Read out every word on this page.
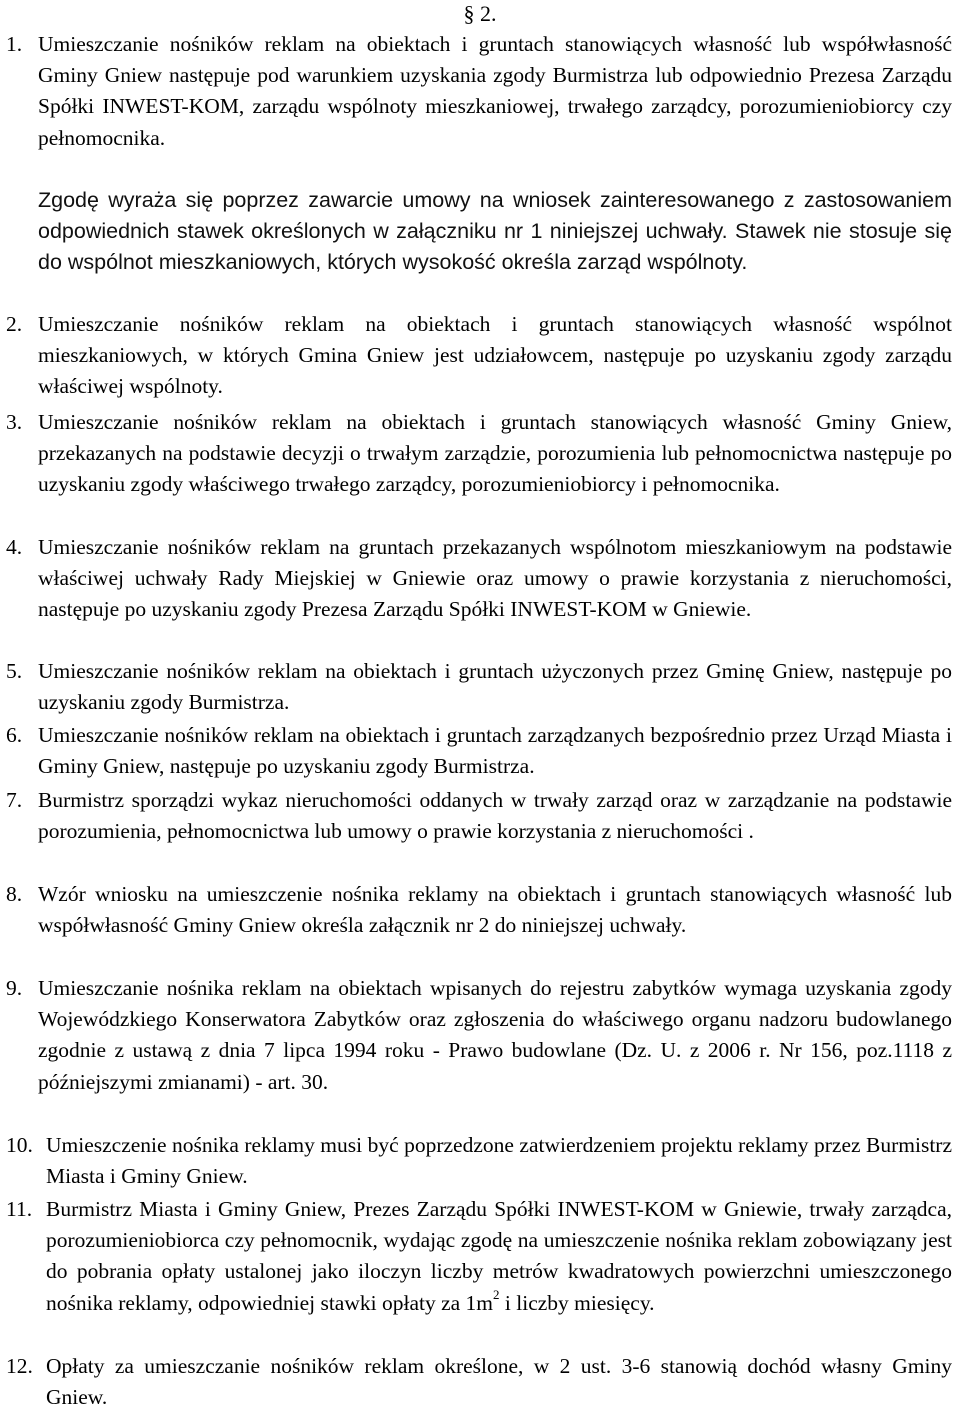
§ 2.
1. Umieszczanie nośników reklam na obiektach i gruntach stanowiących własność lub współwłasność Gminy Gniew następuje pod warunkiem uzyskania zgody Burmistrza lub odpowiednio Prezesa Zarządu Spółki INWEST-KOM, zarządu wspólnoty mieszkaniowej, trwałego zarządcy, porozumieniobiorcy czy pełnomocnika.
Zgodę wyraża się poprzez zawarcie umowy na wniosek zainteresowanego z zastosowaniem odpowiednich stawek określonych w załączniku nr 1 niniejszej uchwały. Stawek nie stosuje się do wspólnot mieszkaniowych, których wysokość określa zarząd wspólnoty.
2. Umieszczanie nośników reklam na obiektach i gruntach stanowiących własność wspólnot mieszkaniowych, w których Gmina Gniew jest udziałowcem, następuje po uzyskaniu zgody zarządu właściwej wspólnoty.
3. Umieszczanie nośników reklam na obiektach i gruntach stanowiących własność Gminy Gniew, przekazanych na podstawie decyzji o trwałym zarządzie, porozumienia lub pełnomocnictwa następuje po uzyskaniu zgody właściwego trwałego zarządcy, porozumieniobiorcy i pełnomocnika.
4. Umieszczanie nośników reklam na gruntach przekazanych wspólnotom mieszkaniowym na podstawie właściwej uchwały Rady Miejskiej w Gniewie oraz umowy o prawie korzystania z nieruchomości, następuje po uzyskaniu zgody Prezesa Zarządu Spółki INWEST-KOM w Gniewie.
5. Umieszczanie nośników reklam na obiektach i gruntach użyczonych przez Gminę Gniew, następuje po uzyskaniu zgody Burmistrza.
6. Umieszczanie nośników reklam na obiektach i gruntach zarządzanych bezpośrednio przez Urząd Miasta i Gminy Gniew, następuje po uzyskaniu zgody Burmistrza.
7. Burmistrz sporządzi wykaz nieruchomości oddanych w trwały zarząd oraz w zarządzanie na podstawie porozumienia, pełnomocnictwa lub umowy o prawie korzystania z nieruchomości .
8. Wzór wniosku na umieszczenie nośnika reklamy na obiektach i gruntach stanowiących własność lub współwłasność Gminy Gniew określa załącznik nr 2 do niniejszej uchwały.
9. Umieszczanie nośnika reklam na obiektach wpisanych do rejestru zabytków wymaga uzyskania zgody Wojewódzkiego Konserwatora Zabytków oraz zgłoszenia do właściwego organu nadzoru budowlanego zgodnie z ustawą z dnia 7 lipca 1994 roku - Prawo budowlane (Dz. U. z 2006 r. Nr 156, poz.1118 z późniejszymi zmianami) - art. 30.
10. Umieszczenie nośnika reklamy musi być poprzedzone zatwierdzeniem projektu reklamy przez Burmistrz Miasta i Gminy Gniew.
11. Burmistrz Miasta i Gminy Gniew, Prezes Zarządu Spółki INWEST-KOM w Gniewie, trwały zarządca, porozumieniobiorca czy pełnomocnik, wydając zgodę na umieszczenie nośnika reklam zobowiązany jest do pobrania opłaty ustalonej jako iloczyn liczby metrów kwadratowych powierzchni umieszczonego nośnika reklamy, odpowiedniej stawki opłaty za $1m^2$ i liczby miesięcy.
12. Opłaty za umieszczanie nośników reklam określone, w 2 ust. 3-6 stanowią dochód własny Gminy Gniew.
